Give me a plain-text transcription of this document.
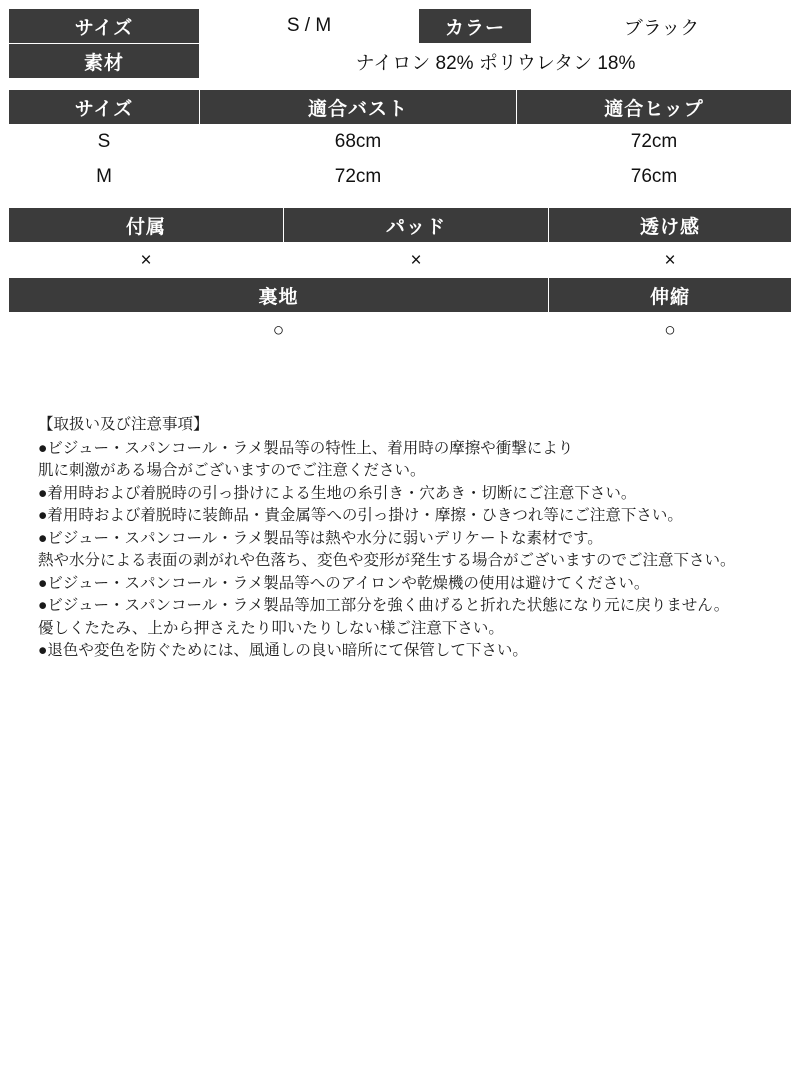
サイズ	S / M	カラー	ブラック
素材	ナイロン 82% ポリウレタン 18%		
サイズ	適合バスト	適合ヒップ
S	68cm	72cm
M	72cm	76cm
付属	パッド	透け感
×	×	×
裏地		伸縮
○		○
【取扱い及び注意事項】
●ビジュー・スパンコール・ラメ製品等の特性上、着用時の摩擦や衝撃により
肌に刺激がある場合がございますのでご注意ください。
●着用時および着脱時の引っ掛けによる生地の糸引き・穴あき・切断にご注意下さい。
●着用時および着脱時に装飾品・貴金属等への引っ掛け・摩擦・ひきつれ等にご注意下さい。
●ビジュー・スパンコール・ラメ製品等は熱や水分に弱いデリケートな素材です。
熱や水分による表面の剥がれや色落ち、変色や変形が発生する場合がございますのでご注意下さい。
●ビジュー・スパンコール・ラメ製品等へのアイロンや乾燥機の使用は避けてください。
●ビジュー・スパンコール・ラメ製品等加工部分を強く曲げると折れた状態になり元に戻りません。
優しくたたみ、上から押さえたり叩いたりしない様ご注意下さい。
●退色や変色を防ぐためには、風通しの良い暗所にて保管して下さい。
